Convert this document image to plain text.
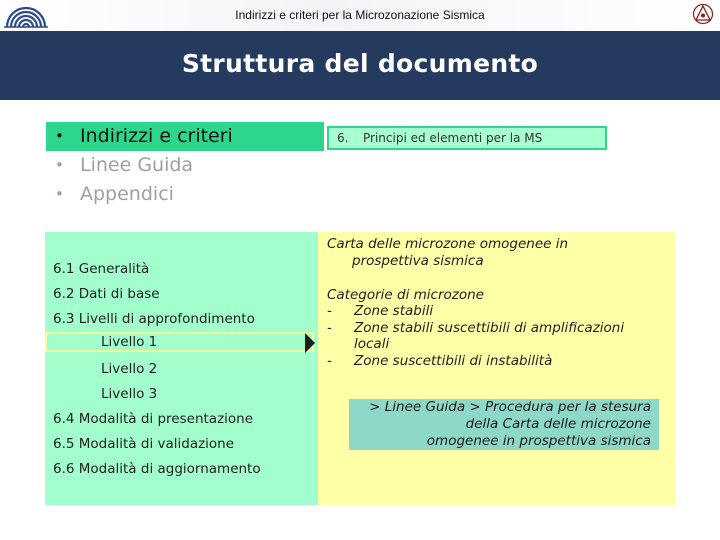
Indirizzi e criteri per la Microzonazione Sismica
Struttura del documento
• Indirizzi e criteri
• Linee Guida
• Appendici
6. Principi ed elementi per la MS
6.1 Generalità
6.2 Dati di base
6.3 Livelli di approfondimento
Livello 1
Livello 2
Livello 3
6.4 Modalità di presentazione
6.5 Modalità di validazione
6.6 Modalità di aggiornamento
Carta delle microzone omogenee in
prospettiva sismica
Categorie di microzone
- Zone stabili
- Zone stabili suscettibili di amplificazioni
locali
- Zone suscettibili di instabilità
> Linee Guida > Procedura per la stesura
della Carta delle microzone
omogenee in prospettiva sismica
